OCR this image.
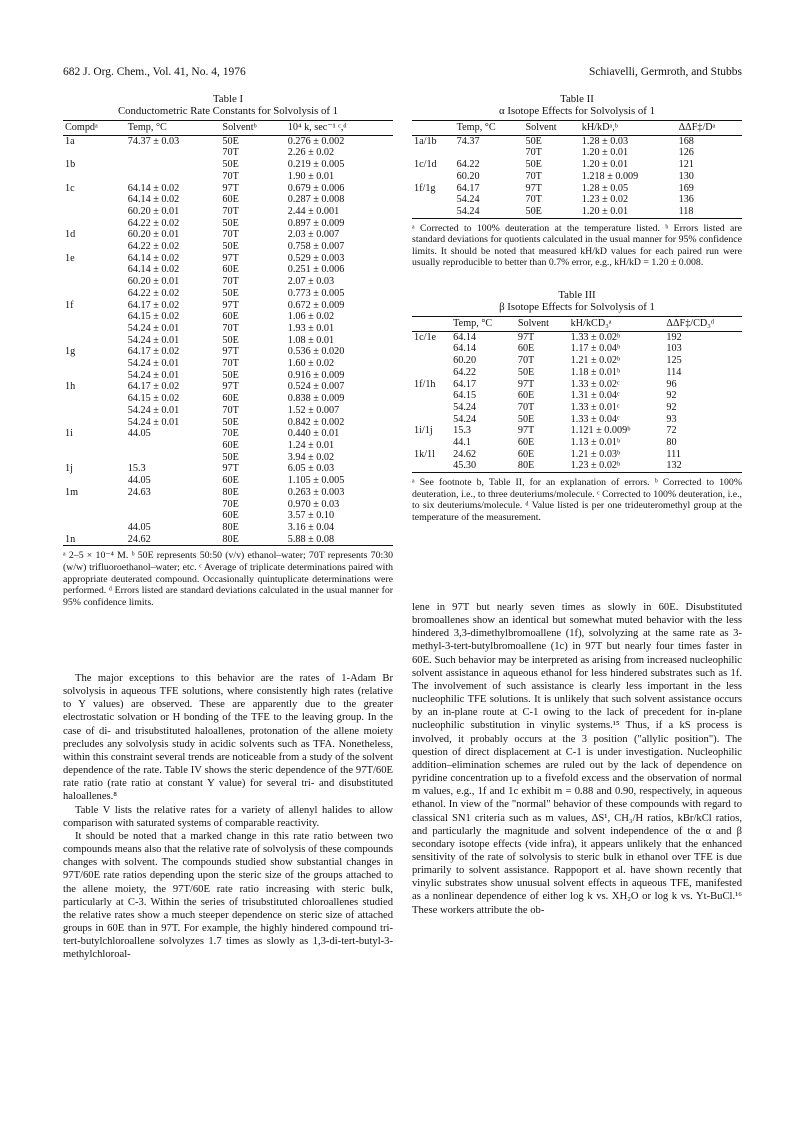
682 J. Org. Chem., Vol. 41, No. 4, 1976	Schiavelli, Germroth, and Stubbs
Table I
Conductometric Rate Constants for Solvolysis of 1
Compdᵃ	Temp, °C	Solventᵇ	10⁴ k, sec⁻¹ ᶜ,ᵈ
1a	74.37 ± 0.03	50E	0.276 ± 0.002
		70T	2.26 ± 0.02
1b		50E	0.219 ± 0.005
		70T	1.90 ± 0.01
1c	64.14 ± 0.02	97T	0.679 ± 0.006
	64.14 ± 0.02	60E	0.287 ± 0.008
	60.20 ± 0.01	70T	2.44 ± 0.001
	64.22 ± 0.02	50E	0.897 ± 0.009
1d	60.20 ± 0.01	70T	2.03 ± 0.007
	64.22 ± 0.02	50E	0.758 ± 0.007
1e	64.14 ± 0.02	97T	0.529 ± 0.003
	64.14 ± 0.02	60E	0.251 ± 0.006
	60.20 ± 0.01	70T	2.07 ± 0.03
	64.22 ± 0.02	50E	0.773 ± 0.005
1f	64.17 ± 0.02	97T	0.672 ± 0.009
	64.15 ± 0.02	60E	1.06 ± 0.02
	54.24 ± 0.01	70T	1.93 ± 0.01
	54.24 ± 0.01	50E	1.08 ± 0.01
1g	64.17 ± 0.02	97T	0.536 ± 0.020
	54.24 ± 0.01	70T	1.60 ± 0.02
	54.24 ± 0.01	50E	0.916 ± 0.009
1h	64.17 ± 0.02	97T	0.524 ± 0.007
	64.15 ± 0.02	60E	0.838 ± 0.009
	54.24 ± 0.01	70T	1.52 ± 0.007
	54.24 ± 0.01	50E	0.842 ± 0.002
1i	44.05	70E	0.440 ± 0.01
		60E	1.24 ± 0.01
		50E	3.94 ± 0.02
1j	15.3	97T	6.05 ± 0.03
	44.05	60E	1.105 ± 0.005
1m	24.63	80E	0.263 ± 0.003
		70E	0.970 ± 0.03
		60E	3.57 ± 0.10
	44.05	80E	3.16 ± 0.04
1n	24.62	80E	5.88 ± 0.08
ᵃ 2–5 × 10⁻⁴ M. ᵇ 50E represents 50:50 (v/v) ethanol–water; 70T represents 70:30 (w/w) trifluoroethanol–water; etc. ᶜ Average of triplicate determinations paired with appropriate deuterated compound. Occasionally quintuplicate determinations were performed. ᵈ Errors listed are standard deviations calculated in the usual manner for 95% confidence limits.
Table II
α Isotope Effects for Solvolysis of 1
	Temp, °C	Solvent	kH/kDᵃ,ᵇ	ΔΔF‡/Dᵃ
1a/1b	74.37	50E	1.28 ± 0.03	168
		70T	1.20 ± 0.01	126
1c/1d	64.22	50E	1.20 ± 0.01	121
	60.20	70T	1.218 ± 0.009	130
1f/1g	64.17	97T	1.28 ± 0.05	169
	54.24	70T	1.23 ± 0.02	136
	54.24	50E	1.20 ± 0.01	118
ᵃ Corrected to 100% deuteration at the temperature listed. ᵇ Errors listed are standard deviations for quotients calculated in the usual manner for 95% confidence limits. It should be noted that measured kH/kD values for each paired run were usually reproducible to better than 0.7% error, e.g., kH/kD = 1.20 ± 0.008.
Table III
β Isotope Effects for Solvolysis of 1
	Temp, °C	Solvent	kH/kCD₃ᵃ	ΔΔF‡/CD₃ᵈ
1c/1e	64.14	97T	1.33 ± 0.02ᵇ	192
	64.14	60E	1.17 ± 0.04ᵇ	103
	60.20	70T	1.21 ± 0.02ᵇ	125
	64.22	50E	1.18 ± 0.01ᵇ	114
1f/1h	64.17	97T	1.33 ± 0.02ᶜ	96
	64.15	60E	1.31 ± 0.04ᶜ	92
	54.24	70T	1.33 ± 0.01ᶜ	92
	54.24	50E	1.33 ± 0.04ᶜ	93
1i/1j	15.3	97T	1.121 ± 0.009ᵇ	72
	44.1	60E	1.13 ± 0.01ᵇ	80
1k/1l	24.62	60E	1.21 ± 0.03ᵇ	111
	45.30	80E	1.23 ± 0.02ᵇ	132
ᵃ See footnote b, Table II, for an explanation of errors. ᵇ Corrected to 100% deuteration, i.e., to three deuteriums/molecule. ᶜ Corrected to 100% deuteration, i.e., to six deuteriums/molecule. ᵈ Value listed is per one trideuteromethyl group at the temperature of the measurement.

The major exceptions to this behavior are the rates of 1-Adam Br solvolysis in aqueous TFE solutions, where consistently high rates (relative to Y values) are observed. These are apparently due to the greater electrostatic solvation or H bonding of the TFE to the leaving group. In the case of di- and trisubstituted haloallenes, protonation of the allene moiety precludes any solvolysis study in acidic solvents such as TFA. Nonetheless, within this constraint several trends are noticeable from a study of the solvent dependence of the rate. Table IV shows the steric dependence of the 97T/60E rate ratio (rate ratio at constant Y value) for several tri- and disubstituted haloallenes.⁸

Table V lists the relative rates for a variety of allenyl halides to allow comparison with saturated systems of comparable reactivity.

It should be noted that a marked change in this rate ratio between two compounds means also that the relative rate of solvolysis of these compounds changes with solvent. The compounds studied show substantial changes in 97T/60E rate ratios depending upon the steric size of the groups attached to the allene moiety, the 97T/60E rate ratio increasing with steric bulk, particularly at C-3. Within the series of trisubstituted chloroallenes studied the relative rates show a much steeper dependence on steric size of attached groups in 60E than in 97T. For example, the highly hindered compound tri-tert-butylchloroallene solvolyzes 1.7 times as slowly as 1,3-di-tert-butyl-3-methylchloroal-

lene in 97T but nearly seven times as slowly in 60E. Disubstituted bromoallenes show an identical but somewhat muted behavior with the less hindered 3,3-dimethylbromoallene (1f), solvolyzing at the same rate as 3-methyl-3-tert-butylbromoallene (1c) in 97T but nearly four times faster in 60E. Such behavior may be interpreted as arising from increased nucleophilic solvent assistance in aqueous ethanol for less hindered substrates such as 1f. The involvement of such assistance is clearly less important in the less nucleophilic TFE solutions. It is unlikely that such solvent assistance occurs by an in-plane route at C-1 owing to the lack of precedent for in-plane nucleophilic substitution in vinylic systems.¹⁵ Thus, if a kS process is involved, it probably occurs at the 3 position ("allylic position"). The question of direct displacement at C-1 is under investigation. Nucleophilic addition–elimination schemes are ruled out by the lack of dependence on pyridine concentration up to a fivefold excess and the observation of normal m values, e.g., 1f and 1c exhibit m = 0.88 and 0.90, respectively, in aqueous ethanol. In view of the "normal" behavior of these compounds with regard to classical SN1 criteria such as m values, ΔS¹, CH₃/H ratios, kBr/kCl ratios, and particularly the magnitude and solvent independence of the α and β secondary isotope effects (vide infra), it appears unlikely that the enhanced sensitivity of the rate of solvolysis to steric bulk in ethanol over TFE is due primarily to solvent assistance. Rappoport et al. have shown recently that vinylic substrates show unusual solvent effects in aqueous TFE, manifested as a nonlinear dependence of either log k vs. XH₂O or log k vs. Yt-BuCl.¹⁶ These workers attribute the ob-
